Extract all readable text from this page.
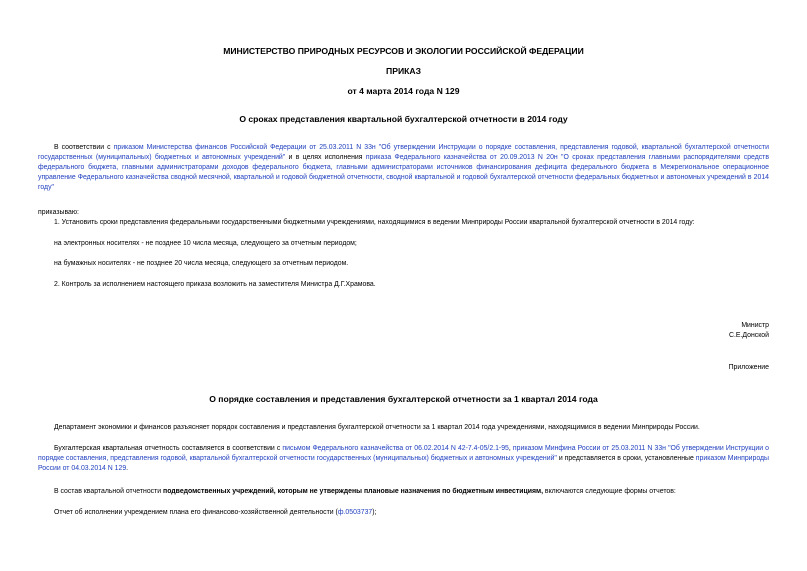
МИНИСТЕРСТВО ПРИРОДНЫХ РЕСУРСОВ И ЭКОЛОГИИ РОССИЙСКОЙ ФЕДЕРАЦИИ
ПРИКАЗ
от 4 марта 2014 года N 129
О сроках представления квартальной бухгалтерской отчетности в 2014 году
В соответствии с приказом Министерства финансов Российской Федерации от 25.03.2011 N 33н "Об утверждении Инструкции о порядке составления, представления годовой, квартальной бухгалтерской отчетности государственных (муниципальных) бюджетных и автономных учреждений" и в целях исполнения приказа Федерального казначейства от 20.09.2013 N 20н "О сроках представления главными распорядителями средств федерального бюджета, главными администраторами доходов федерального бюджета, главными администраторами источников финансирования дефицита федерального бюджета в Межрегиональное операционное управление Федерального казначейства сводной месячной, квартальной и годовой бюджетной отчетности, сводной квартальной и годовой бухгалтерской отчетности федеральных бюджетных и автономных учреждений в 2014 году"
приказываю:
1. Установить сроки представления федеральными государственными бюджетными учреждениями, находящимися в ведении Минприроды России квартальной бухгалтерской отчетности в 2014 году:
на электронных носителях - не позднее 10 числа месяца, следующего за отчетным периодом;
на бумажных носителях - не позднее 20 числа месяца, следующего за отчетным периодом.
2. Контроль за исполнением настоящего приказа возложить на заместителя Министра Д.Г.Храмова.
Министр
С.Е.Донской
Приложение
О порядке составления и представления бухгалтерской отчетности за 1 квартал 2014 года
Департамент экономики и финансов разъясняет порядок составления и представления бухгалтерской отчетности за 1 квартал 2014 года учреждениями, находящимися в ведении Минприроды России.
Бухгалтерская квартальная отчетность составляется в соответствии с письмом Федерального казначейства от 06.02.2014 N 42-7.4-05/2.1-95, приказом Минфина России от 25.03.2011 N 33н "Об утверждении Инструкции о порядке составления, представления годовой, квартальной бухгалтерской отчетности государственных (муниципальных) бюджетных и автономных учреждений" и представляется в сроки, установленные приказом Минприроды России от 04.03.2014 N 129.
В состав квартальной отчетности подведомственных учреждений, которым не утверждены плановые назначения по бюджетным инвестициям, включаются следующие формы отчетов:
Отчет об исполнении учреждением плана его финансово-хозяйственной деятельности (ф.0503737);
